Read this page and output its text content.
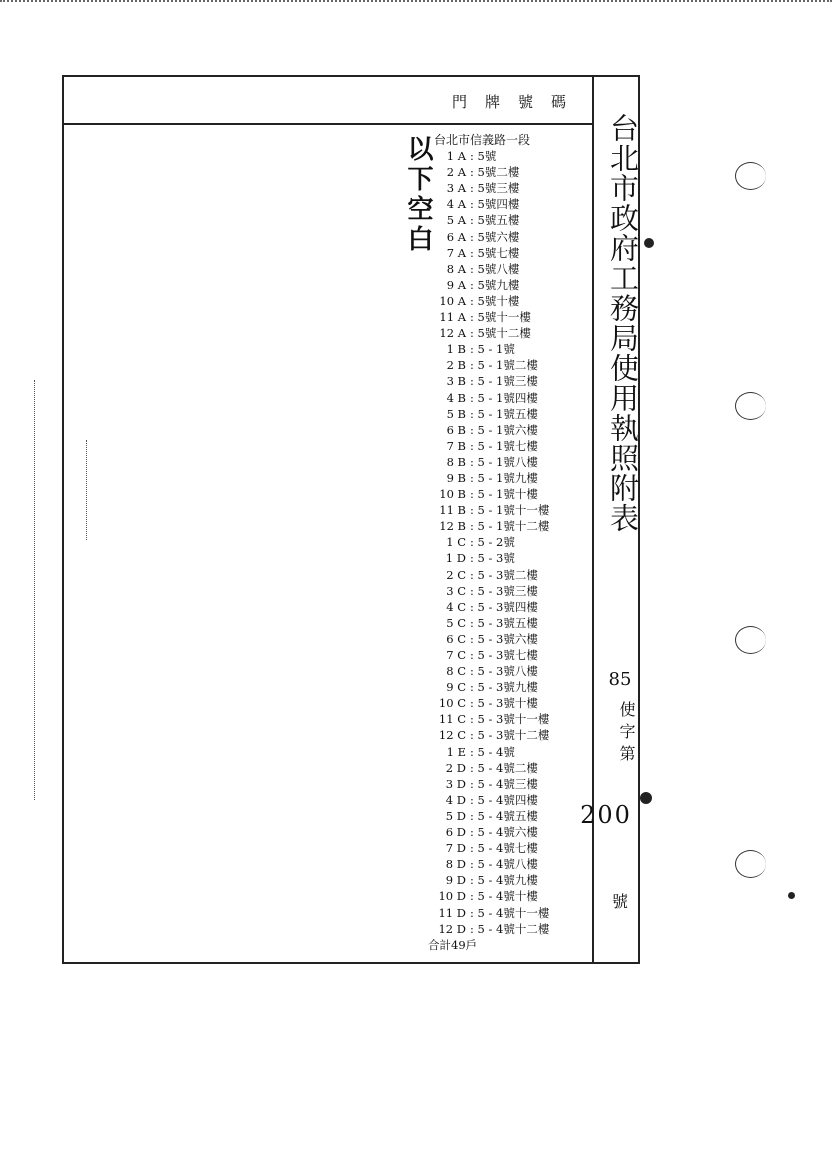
門牌號碼
以下空白 台北市信義路一段
1 A : 5號
2 A : 5號二樓
3 A : 5號三樓
4 A : 5號四樓
5 A : 5號五樓
6 A : 5號六樓
7 A : 5號七樓
8 A : 5號八樓
9 A : 5號九樓
10 A : 5號十樓
11 A : 5號十一樓
12 A : 5號十二樓
1 B : 5 - 1號
2 B : 5 - 1號二樓
3 B : 5 - 1號三樓
4 B : 5 - 1號四樓
5 B : 5 - 1號五樓
6 B : 5 - 1號六樓
7 B : 5 - 1號七樓
8 B : 5 - 1號八樓
9 B : 5 - 1號九樓
10 B : 5 - 1號十樓
11 B : 5 - 1號十一樓
12 B : 5 - 1號十二樓
1 C : 5 - 2號
1 D : 5 - 3號
2 C : 5 - 3號二樓
3 C : 5 - 3號三樓
4 C : 5 - 3號四樓
5 C : 5 - 3號五樓
6 C : 5 - 3號六樓
7 C : 5 - 3號七樓
8 C : 5 - 3號八樓
9 C : 5 - 3號九樓
10 C : 5 - 3號十樓
11 C : 5 - 3號十一樓
12 C : 5 - 3號十二樓
1 E : 5 - 4號
2 D : 5 - 4號二樓
3 D : 5 - 4號三樓
4 D : 5 - 4號四樓
5 D : 5 - 4號五樓
6 D : 5 - 4號六樓
7 D : 5 - 4號七樓
8 D : 5 - 4號八樓
9 D : 5 - 4號九樓
10 D : 5 - 4號十樓
11 D : 5 - 4號十一樓
12 D : 5 - 4號十二樓
合計49戶
台北市政府工務局使用執照附表
85
使字第
200
號
